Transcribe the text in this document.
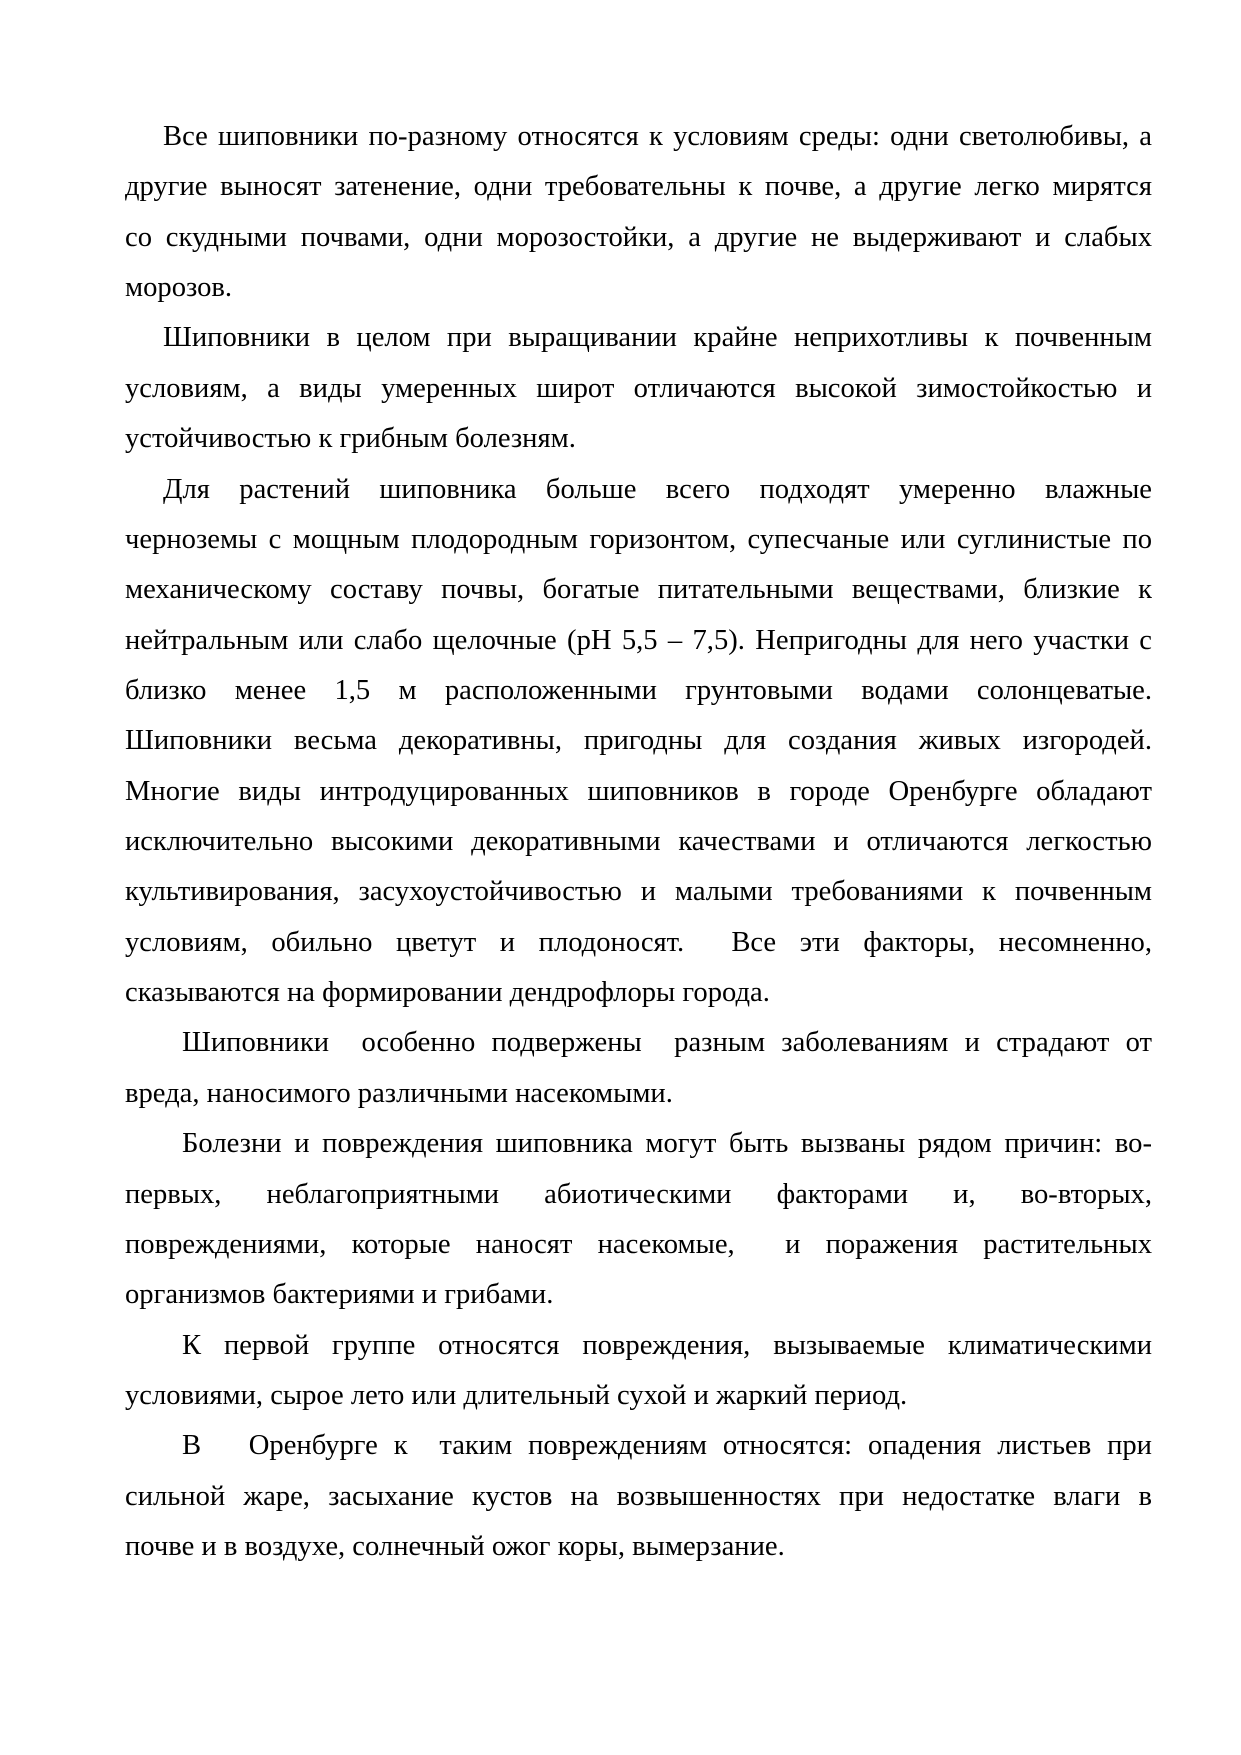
Все шиповники по-разному относятся к условиям среды: одни светолюбивы, а
другие выносят затенение, одни требовательны к почве, а другие легко мирятся
со скудными почвами, одни морозостойки, а другие не выдерживают и слабых
морозов.
Шиповники в целом при выращивании крайне неприхотливы к почвенным
условиям, а виды умеренных широт отличаются высокой зимостойкостью и
устойчивостью к грибным болезням.
Для растений шиповника больше всего подходят умеренно влажные
черноземы с мощным плодородным горизонтом, супесчаные или суглинистые по
механическому составу почвы, богатые питательными веществами, близкие к
нейтральным или слабо щелочные (pH 5,5 – 7,5). Непригодны для него участки с
близко менее 1,5 м расположенными грунтовыми водами солонцеватые.
Шиповники весьма декоративны, пригодны для создания живых изгородей.
Многие виды интродуцированных шиповников в городе Оренбурге обладают
исключительно высокими декоративными качествами и отличаются легкостью
культивирования, засухоустойчивостью и малыми требованиями к почвенным
условиям, обильно цветут и плодоносят.  Все эти факторы, несомненно,
сказываются на формировании дендрофлоры города.
Шиповники  особенно подвержены  разным заболеваниям и страдают от
вреда, наносимого различными насекомыми.
Болезни и повреждения шиповника могут быть вызваны рядом причин: во-
первых, неблагоприятными абиотическими факторами и, во-вторых,
повреждениями, которые наносят насекомые,  и поражения растительных
организмов бактериями и грибами.
К первой группе относятся повреждения, вызываемые климатическими
условиями, сырое лето или длительный сухой и жаркий период.
В   Оренбурге к  таким повреждениям относятся: опадения листьев при
сильной жаре, засыхание кустов на возвышенностях при недостатке влаги в
почве и в воздухе, солнечный ожог коры, вымерзание.
